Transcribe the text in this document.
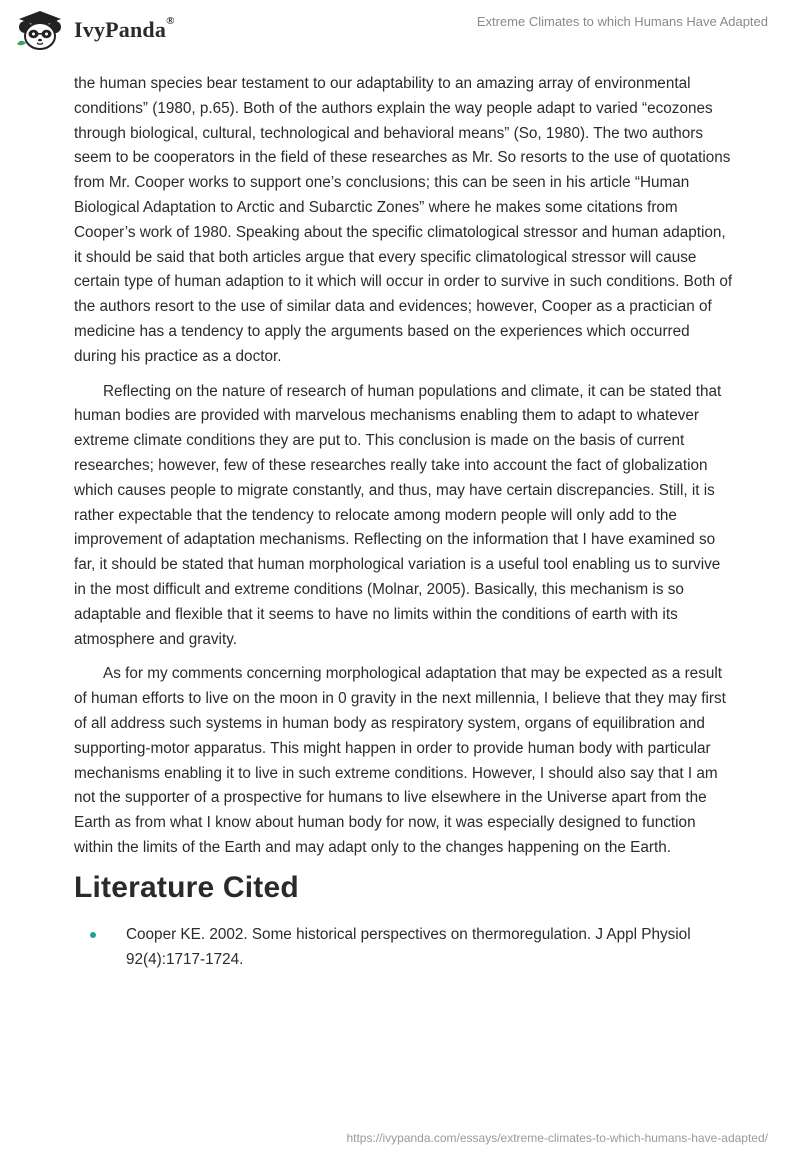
IvyPanda®	Extreme Climates to which Humans Have Adapted

the human species bear testament to our adaptability to an amazing array of environmental conditions” (1980, p.65). Both of the authors explain the way people adapt to varied “ecozones through biological, cultural, technological and behavioral means” (So, 1980). The two authors seem to be cooperators in the field of these researches as Mr. So resorts to the use of quotations from Mr. Cooper works to support one’s conclusions; this can be seen in his article “Human Biological Adaptation to Arctic and Subarctic Zones” where he makes some citations from Cooper’s work of 1980. Speaking about the specific climatological stressor and human adaption, it should be said that both articles argue that every specific climatological stressor will cause certain type of human adaption to it which will occur in order to survive in such conditions. Both of the authors resort to the use of similar data and evidences; however, Cooper as a practician of medicine has a tendency to apply the arguments based on the experiences which occurred during his practice as a doctor.

Reflecting on the nature of research of human populations and climate, it can be stated that human bodies are provided with marvelous mechanisms enabling them to adapt to whatever extreme climate conditions they are put to. This conclusion is made on the basis of current researches; however, few of these researches really take into account the fact of globalization which causes people to migrate constantly, and thus, may have certain discrepancies. Still, it is rather expectable that the tendency to relocate among modern people will only add to the improvement of adaptation mechanisms. Reflecting on the information that I have examined so far, it should be stated that human morphological variation is a useful tool enabling us to survive in the most difficult and extreme conditions (Molnar, 2005). Basically, this mechanism is so adaptable and flexible that it seems to have no limits within the conditions of earth with its atmosphere and gravity.

As for my comments concerning morphological adaptation that may be expected as a result of human efforts to live on the moon in 0 gravity in the next millennia, I believe that they may first of all address such systems in human body as respiratory system, organs of equilibration and supporting-motor apparatus. This might happen in order to provide human body with particular mechanisms enabling it to live in such extreme conditions. However, I should also say that I am not the supporter of a prospective for humans to live elsewhere in the Universe apart from the Earth as from what I know about human body for now, it was especially designed to function within the limits of the Earth and may adapt only to the changes happening on the Earth.

Literature Cited
Cooper KE. 2002. Some historical perspectives on thermoregulation. J Appl Physiol 92(4):1717-1724.
https://ivypanda.com/essays/extreme-climates-to-which-humans-have-adapted/
